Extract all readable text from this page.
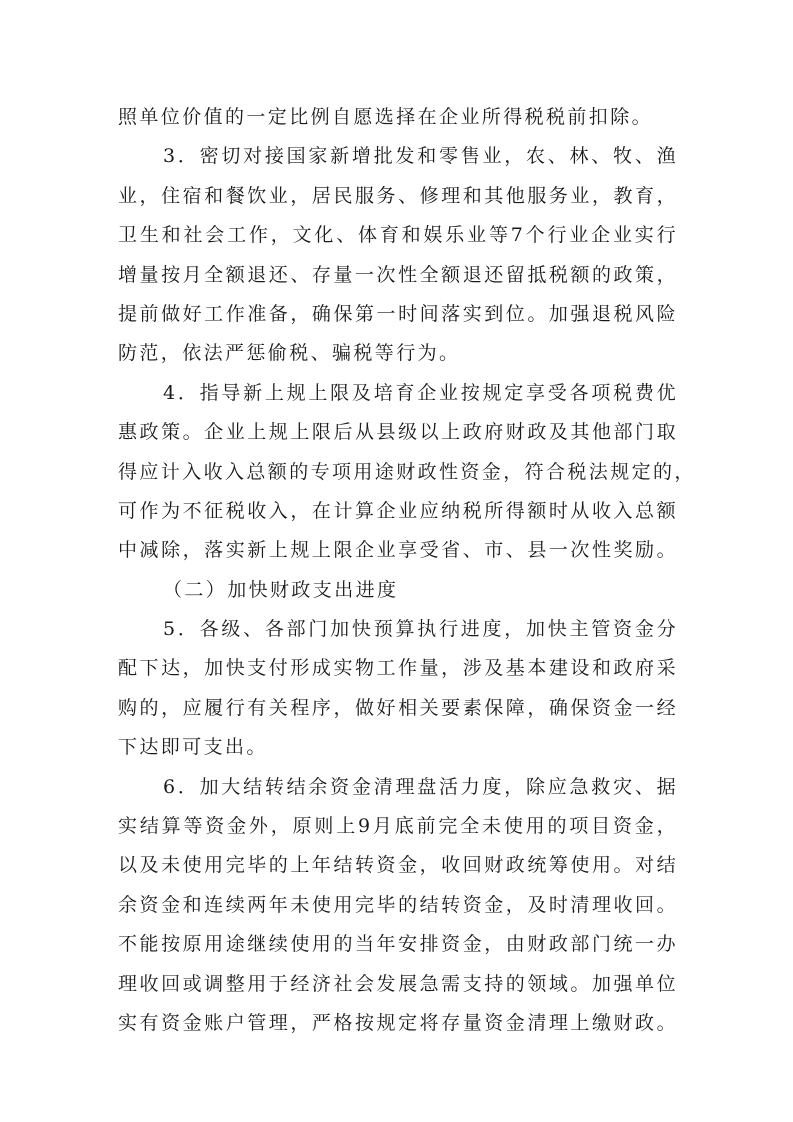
照单位价值的一定比例自愿选择在企业所得税税前扣除。
3．密切对接国家新增批发和零售业，农、林、牧、渔
业，住宿和餐饮业，居民服务、修理和其他服务业，教育，
卫生和社会工作，文化、体育和娱乐业等7个行业企业实行
增量按月全额退还、存量一次性全额退还留抵税额的政策，
提前做好工作准备，确保第一时间落实到位。加强退税风险
防范，依法严惩偷税、骗税等行为。
4．指导新上规上限及培育企业按规定享受各项税费优
惠政策。企业上规上限后从县级以上政府财政及其他部门取
得应计入收入总额的专项用途财政性资金，符合税法规定的，
可作为不征税收入，在计算企业应纳税所得额时从收入总额
中减除，落实新上规上限企业享受省、市、县一次性奖励。
（二）加快财政支出进度
5．各级、各部门加快预算执行进度，加快主管资金分
配下达，加快支付形成实物工作量，涉及基本建设和政府采
购的，应履行有关程序，做好相关要素保障，确保资金一经
下达即可支出。
6．加大结转结余资金清理盘活力度，除应急救灾、据
实结算等资金外，原则上9月底前完全未使用的项目资金，
以及未使用完毕的上年结转资金，收回财政统筹使用。对结
余资金和连续两年未使用完毕的结转资金，及时清理收回。
不能按原用途继续使用的当年安排资金，由财政部门统一办
理收回或调整用于经济社会发展急需支持的领域。加强单位
实有资金账户管理，严格按规定将存量资金清理上缴财政。
